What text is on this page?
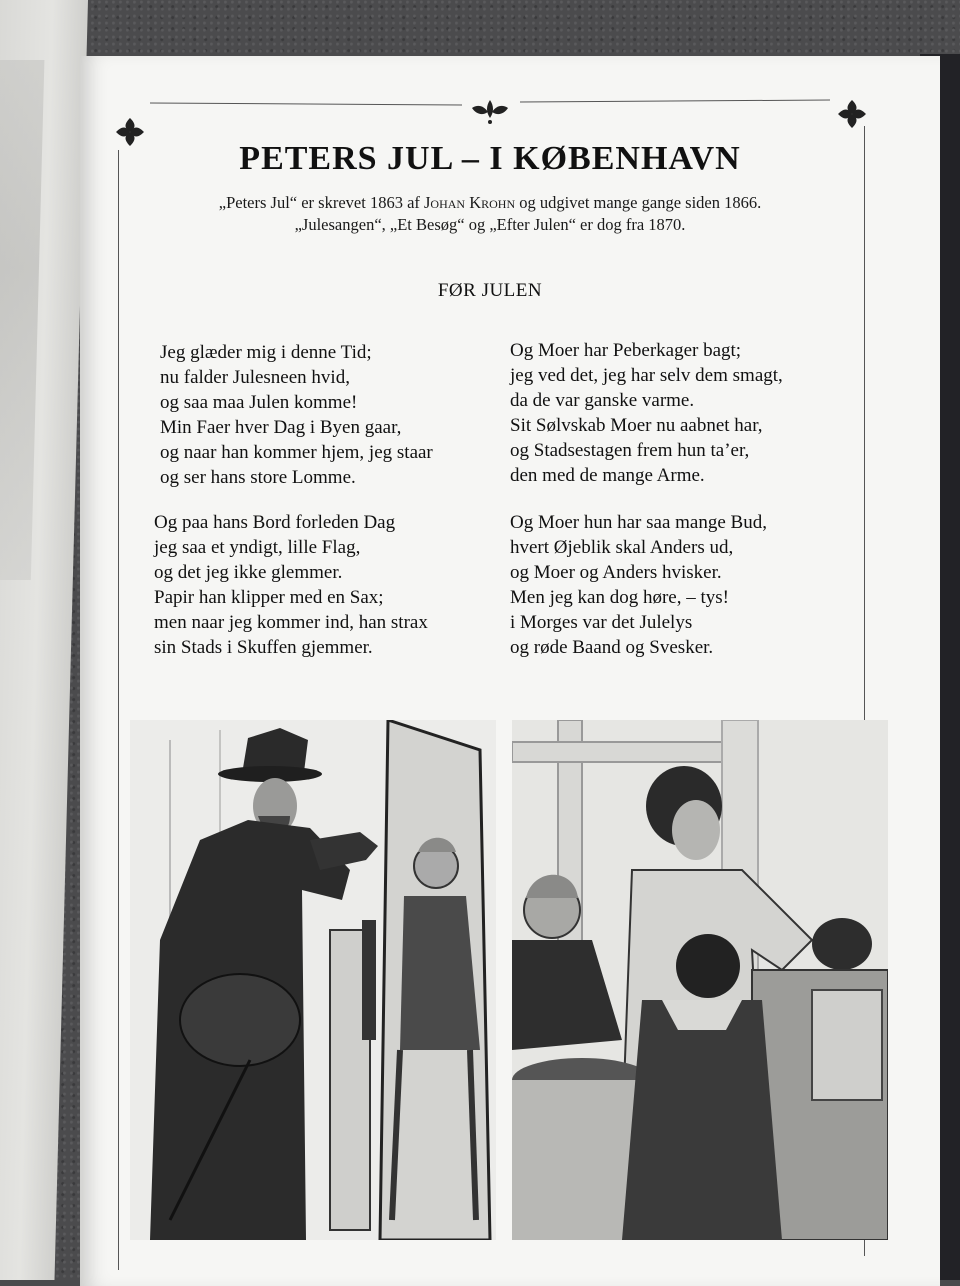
PETERS JUL – I KØBENHAVN
„Peters Jul“ er skrevet 1863 af Johan Krohn og udgivet mange gange siden 1866.
„Julesangen“, „Et Besøg“ og „Efter Julen“ er dog fra 1870.
FØR JULEN
Jeg glæder mig i denne Tid;
nu falder Julesneen hvid,
og saa maa Julen komme!
Min Faer hver Dag i Byen gaar,
og naar han kommer hjem, jeg staar
og ser hans store Lomme.
Og Moer har Peberkager bagt;
jeg ved det, jeg har selv dem smagt,
da de var ganske varme.
Sit Sølvskab Moer nu aabnet har,
og Stadsestagen frem hun ta’er,
den med de mange Arme.
Og paa hans Bord forleden Dag
jeg saa et yndigt, lille Flag,
og det jeg ikke glemmer.
Papir han klipper med en Sax;
men naar jeg kommer ind, han strax
sin Stads i Skuffen gjemmer.
Og Moer hun har saa mange Bud,
hvert Øjeblik skal Anders ud,
og Moer og Anders hvisker.
Men jeg kan dog høre, – tys!
i Morges var det Julelys
og røde Baand og Svesker.
